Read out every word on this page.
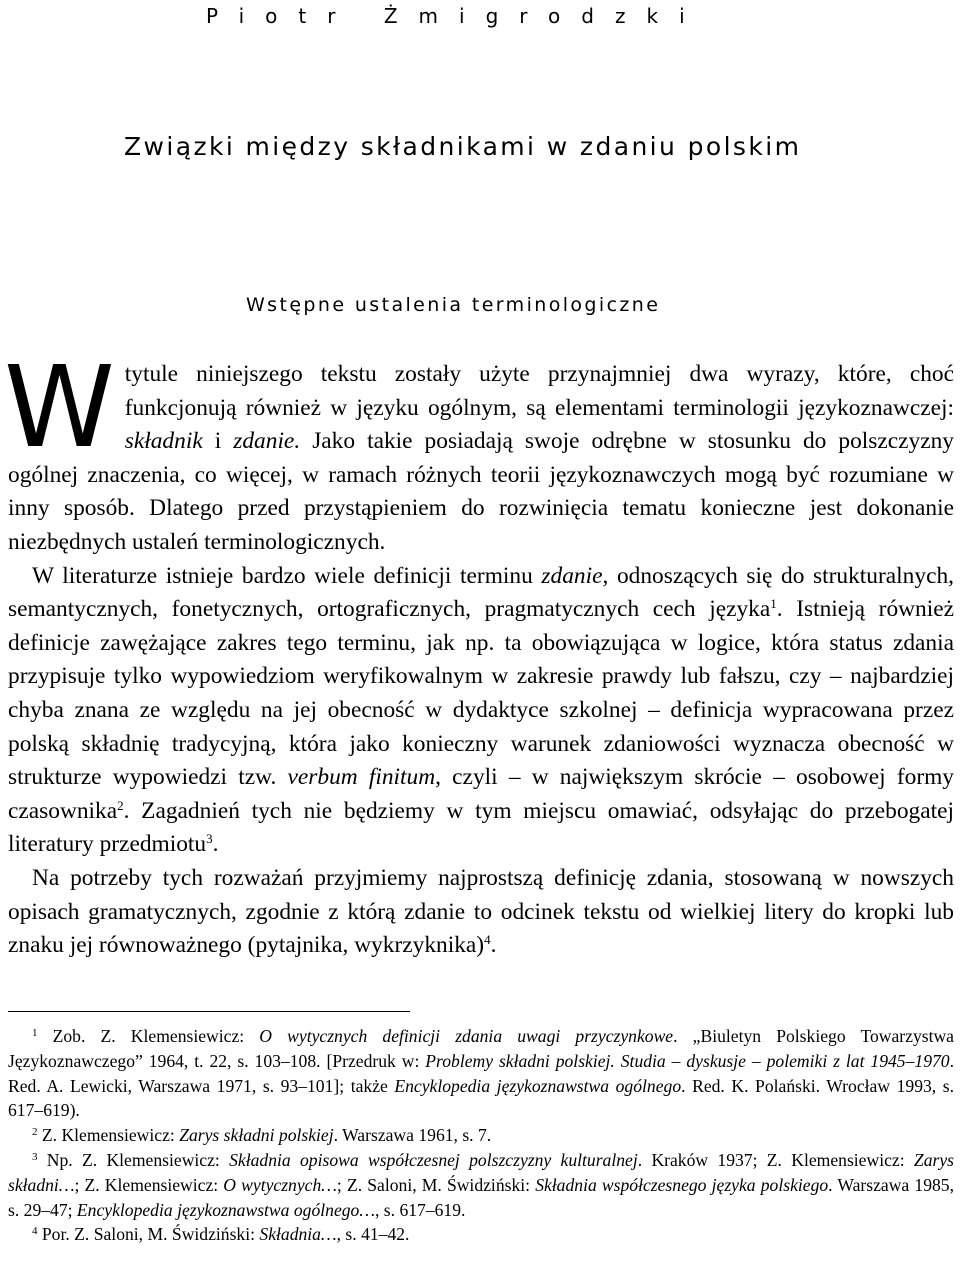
Piotr Żmigrodzki
Związki między składnikami w zdaniu polskim
Wstępne ustalenia terminologiczne

Wtytule niniejszego tekstu zostały użyte przynajmniej dwa wyrazy, które, choć funkcjonują również w języku ogólnym, są elementami terminologii językoznawczej: składnik i zdanie. Jako takie posiadają swoje odrębne w stosunku do polszczyzny ogólnej znaczenia, co więcej, w ramach różnych teorii językoznawczych mogą być rozumiane w inny sposób. Dlatego przed przystąpieniem do rozwinięcia tematu konieczne jest dokonanie niezbędnych ustaleń terminologicznych.

W literaturze istnieje bardzo wiele definicji terminu zdanie, odnoszących się do strukturalnych, semantycznych, fonetycznych, ortograficznych, pragmatycznych cech języka$^1$. Istnieją również definicje zawężające zakres tego terminu, jak np. ta obowiązująca w logice, która status zdania przypisuje tylko wypowiedziom weryfikowalnym w zakresie prawdy lub fałszu, czy – najbardziej chyba znana ze względu na jej obecność w dydaktyce szkolnej – definicja wypracowana przez polską składnię tradycyjną, która jako konieczny warunek zdaniowości wyznacza obecność w strukturze wypowiedzi tzw. verbum finitum, czyli – w największym skrócie – osobowej formy czasownika$^2$. Zagadnień tych nie będziemy w tym miejscu omawiać, odsyłając do przebogatej literatury przedmiotu$^3$.

Na potrzeby tych rozważań przyjmiemy najprostszą definicję zdania, stosowaną w nowszych opisach gramatycznych, zgodnie z którą zdanie to odcinek tekstu od wielkiej litery do kropki lub znaku jej równoważnego (pytajnika, wykrzyknika)$^4$.

$^1$ Zob. Z. Klemensiewicz: O wytycznych definicji zdania uwagi przyczynkowe. „Biuletyn Polskiego Towarzystwa Językoznawczego” 1964, t. 22, s. 103–108. [Przedruk w: Problemy składni polskiej. Studia – dyskusje – polemiki z lat 1945–1970. Red. A. Lewicki, Warszawa 1971, s. 93–101]; także Encyklopedia językoznawstwa ogólnego. Red. K. Polański. Wrocław 1993, s. 617–619).

$^2$ Z. Klemensiewicz: Zarys składni polskiej. Warszawa 1961, s. 7.

$^3$ Np. Z. Klemensiewicz: Składnia opisowa współczesnej polszczyzny kulturalnej. Kraków 1937; Z. Klemensiewicz: Zarys składni…; Z. Klemensiewicz: O wytycznych…; Z. Saloni, M. Świdziński: Składnia współczesnego języka polskiego. Warszawa 1985, s. 29–47; Encyklopedia językoznawstwa ogólnego…, s. 617–619.

$^4$ Por. Z. Saloni, M. Świdziński: Składnia…, s. 41–42.
